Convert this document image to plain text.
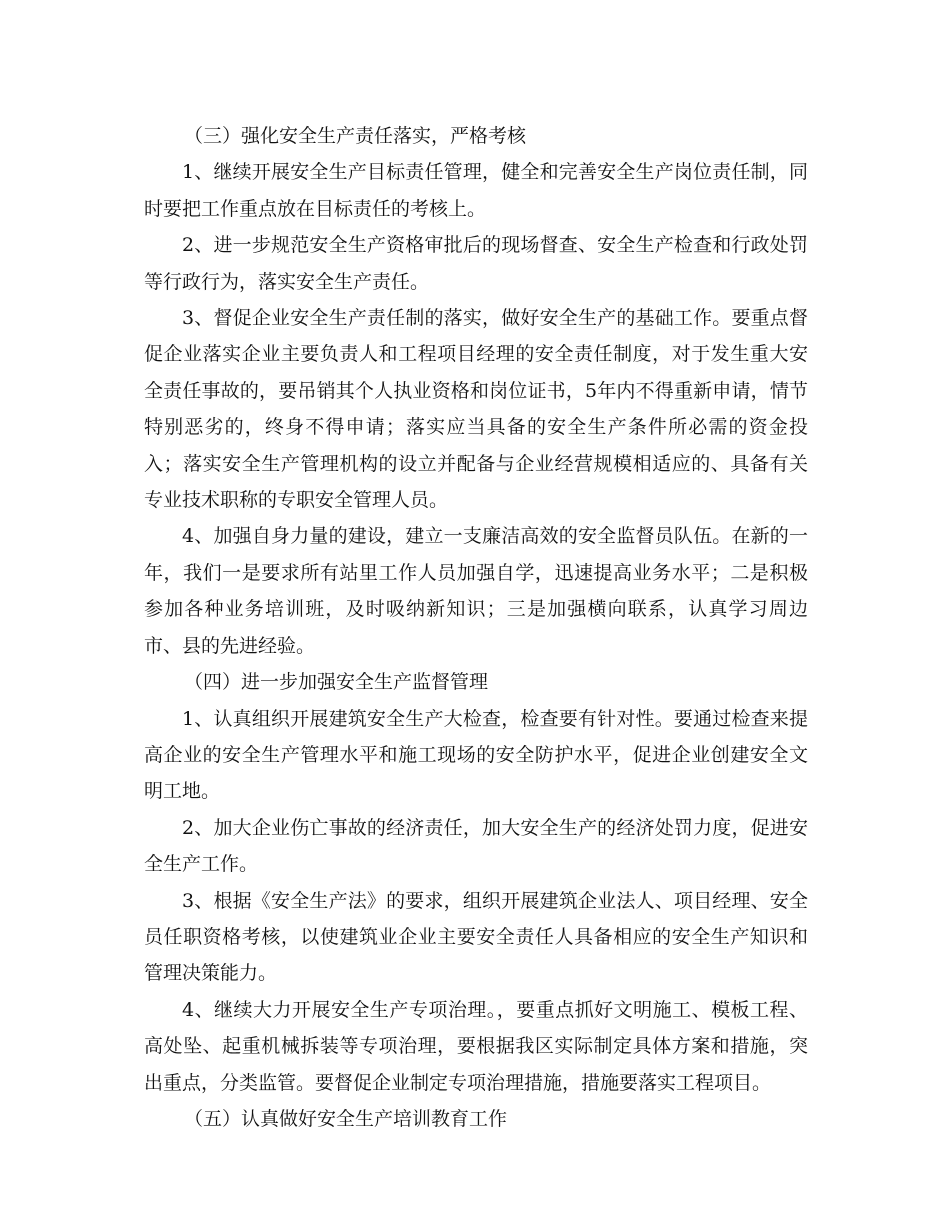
（三）强化安全生产责任落实，严格考核

1、继续开展安全生产目标责任管理，健全和完善安全生产岗位责任制，同时要把工作重点放在目标责任的考核上。

2、进一步规范安全生产资格审批后的现场督查、安全生产检查和行政处罚等行政行为，落实安全生产责任。

3、督促企业安全生产责任制的落实，做好安全生产的基础工作。要重点督促企业落实企业主要负责人和工程项目经理的安全责任制度，对于发生重大安全责任事故的，要吊销其个人执业资格和岗位证书，5年内不得重新申请，情节特别恶劣的，终身不得申请；落实应当具备的安全生产条件所必需的资金投入；落实安全生产管理机构的设立并配备与企业经营规模相适应的、具备有关专业技术职称的专职安全管理人员。

4、加强自身力量的建设，建立一支廉洁高效的安全监督员队伍。在新的一年，我们一是要求所有站里工作人员加强自学，迅速提高业务水平；二是积极参加各种业务培训班，及时吸纳新知识；三是加强横向联系，认真学习周边市、县的先进经验。

（四）进一步加强安全生产监督管理

1、认真组织开展建筑安全生产大检查，检查要有针对性。要通过检查来提高企业的安全生产管理水平和施工现场的安全防护水平，促进企业创建安全文明工地。

2、加大企业伤亡事故的经济责任，加大安全生产的经济处罚力度，促进安全生产工作。

3、根据《安全生产法》的要求，组织开展建筑企业法人、项目经理、安全员任职资格考核，以使建筑业企业主要安全责任人具备相应的安全生产知识和管理决策能力。

4、继续大力开展安全生产专项治理。，要重点抓好文明施工、模板工程、高处坠、起重机械拆装等专项治理，要根据我区实际制定具体方案和措施，突出重点，分类监管。要督促企业制定专项治理措施，措施要落实工程项目。

（五）认真做好安全生产培训教育工作
